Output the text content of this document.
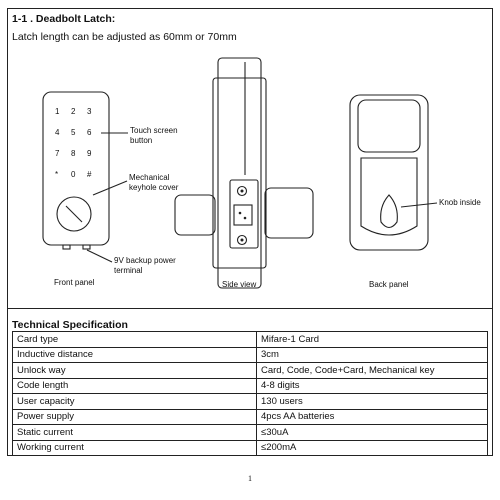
1-1 . Deadbolt Latch:
Latch length can be adjusted as 60mm or 70mm
1	2	3
4	5	6
7	8	9
*	0	#
Touch screen
button
Mechanical
keyhole cover
9V backup power
terminal
Knob inside
Front panel	Side view	Back panel
Technical Specification
Card type	Mifare-1 Card
Inductive distance	3cm
Unlock way	Card, Code, Code+Card, Mechanical key
Code length	4-8 digits
User capacity	130 users
Power supply	4pcs AA batteries
Static current	≤30uA
Working current	≤200mA
1
